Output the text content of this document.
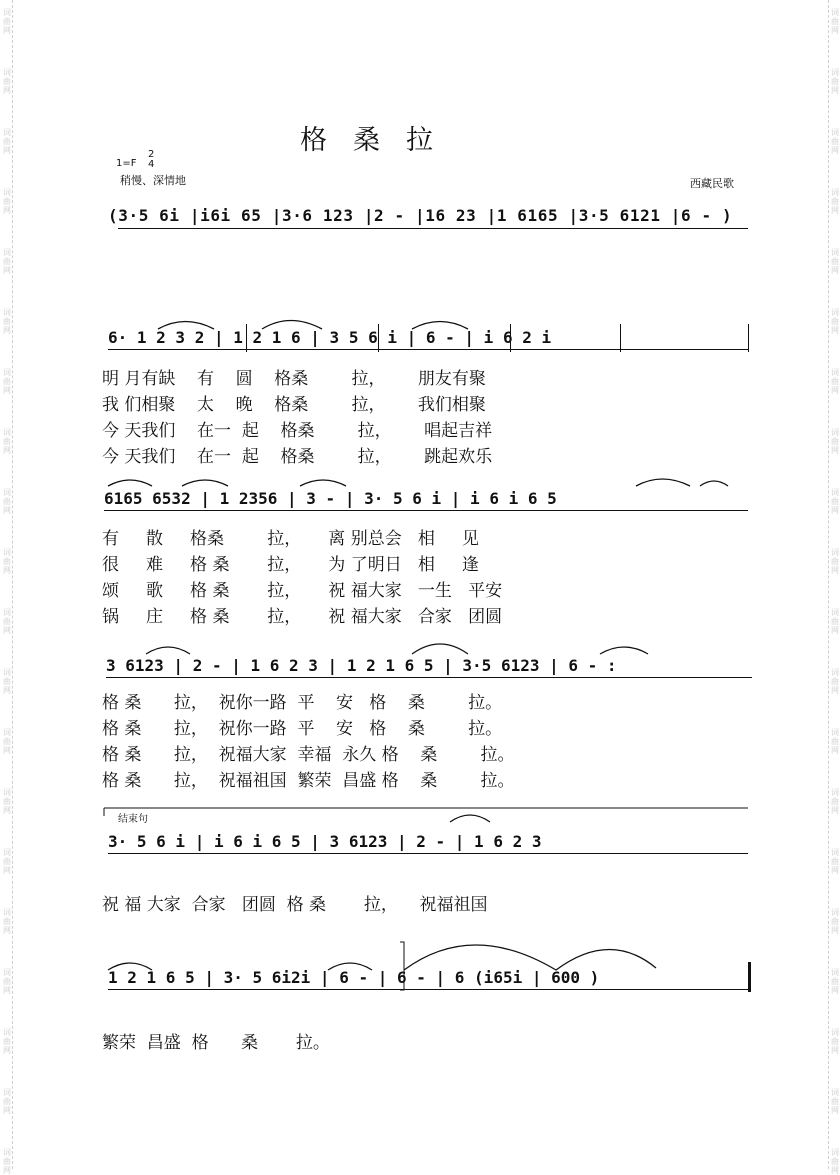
词
曲
网
词
曲
网
词
曲
网
词
曲
网
词
曲
网
词
曲
网
词
曲
网
词
曲
网
词
曲
网
词
曲
网
词
曲
网
词
曲
网
词
曲
网
词
曲
网
词
曲
网
词
曲
网
词
曲
网
词
曲
网
词
曲
网
词
曲
网
词
曲
网
词
曲
网
词
曲
网
词
曲
网
词
曲
网
词
曲
网
词
曲
网
词
曲
网
词
曲
网
词
曲
网
词
曲
网
词
曲
网
词
曲
网
词
曲
网
词
曲
网
词
曲
网
词
曲
网
词
曲
网
词
曲
网
词
曲
网
格桑拉
1=F
2
4
稍慢、深情地	西藏民歌
(3·5 6i |i6i 65 |3·6 123 |2 - |16 23 |1 6165 |3·5 6121 |6 - )
6· 1 2 3 2 | 1 2 1 6 | 3 5 6 i | 6 - | i 6 2 i
明 月有缺    有    圆    格桑        拉，      朋友有聚
我 们相聚    太    晚    格桑        拉，      我们相聚
今 天我们    在一  起    格桑        拉，      唱起吉祥
今 天我们    在一  起    格桑        拉，      跳起欢乐
6165 6532 | 1 2356 | 3 - | 3· 5 6 i | i 6 i 6 5
有     散     格桑        拉，     离 别总会   相     见
很     难     格 桑       拉，     为 了明日   相     逢
颂     歌     格 桑       拉，     祝 福大家   一生   平安
锅     庄     格 桑       拉，     祝 福大家   合家   团圆
3 6123 | 2 - | 1 6 2 3 | 1 2 1 6 5 | 3·5 6123 | 6 - :
格 桑      拉，  祝你一路  平    安   格    桑        拉。
格 桑      拉，  祝你一路  平    安   格    桑        拉。
格 桑      拉，  祝福大家  幸福  永久 格    桑        拉。
格 桑      拉，  祝福祖国  繁荣  昌盛 格    桑        拉。
结束句
3· 5 6 i | i 6 i 6 5 | 3 6123 | 2 - | 1 6 2 3
祝 福 大家  合家   团圆  格 桑       拉，    祝福祖国
1 2 1 6 5 | 3· 5 6i2i | 6 - | 6 - | 6 (i65i | 600 )
繁荣  昌盛  格      桑       拉。
